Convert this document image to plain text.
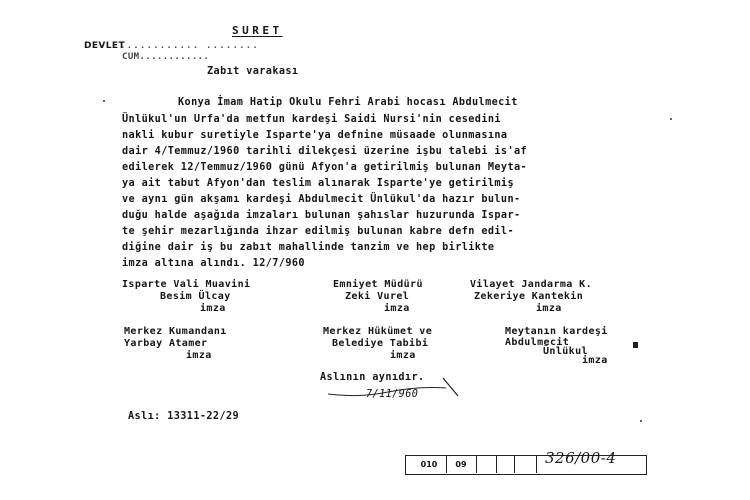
SURET
DEVLET
............ ........
CUM............
Zabıt varakası
Konya İmam Hatip Okulu Fehri Arabi hocası Abdulmecit
Ünlükul'un Urfa'da metfun kardeşi Saidi Nursi'nin cesedini
nakli kubur suretiyle Isparte'ya defnine müsaade olunmasına
dair 4/Temmuz/1960 tarihli dilekçesi üzerine işbu talebi is'af
edilerek 12/Temmuz/1960 günü Afyon'a getirilmiş bulunan Meyta-
ya ait tabut Afyon'dan teslim alınarak Isparte'ye getirilmiş
ve aynı gün akşamı kardeşi Abdulmecit Ünlükul'da hazır bulun-
duğu halde aşağıda imzaları bulunan şahıslar huzurunda Ispar-
te şehir mezarlığında ihzar edilmiş bulunan kabre defn edil-
diğine dair iş bu zabıt mahallinde tanzim ve hep birlikte
imza altına alındı. 12/7/960
Isparte Vali Muavini
Besim Ülcay
imza
Emniyet Müdürü
Zeki Vurel
imza
Vilayet Jandarma K.
Zekeriye Kantekin
imza
Merkez Kumandanı
Yarbay Atamer
imza
Merkez Hükümet ve
Belediye Tabibi
imza
Meytanın kardeşi
Abdulmecit
Ünlükul
imza
Aslının aynıdır.
7/11/960
Aslı: 13311-22/29
010	09	326/00-4
